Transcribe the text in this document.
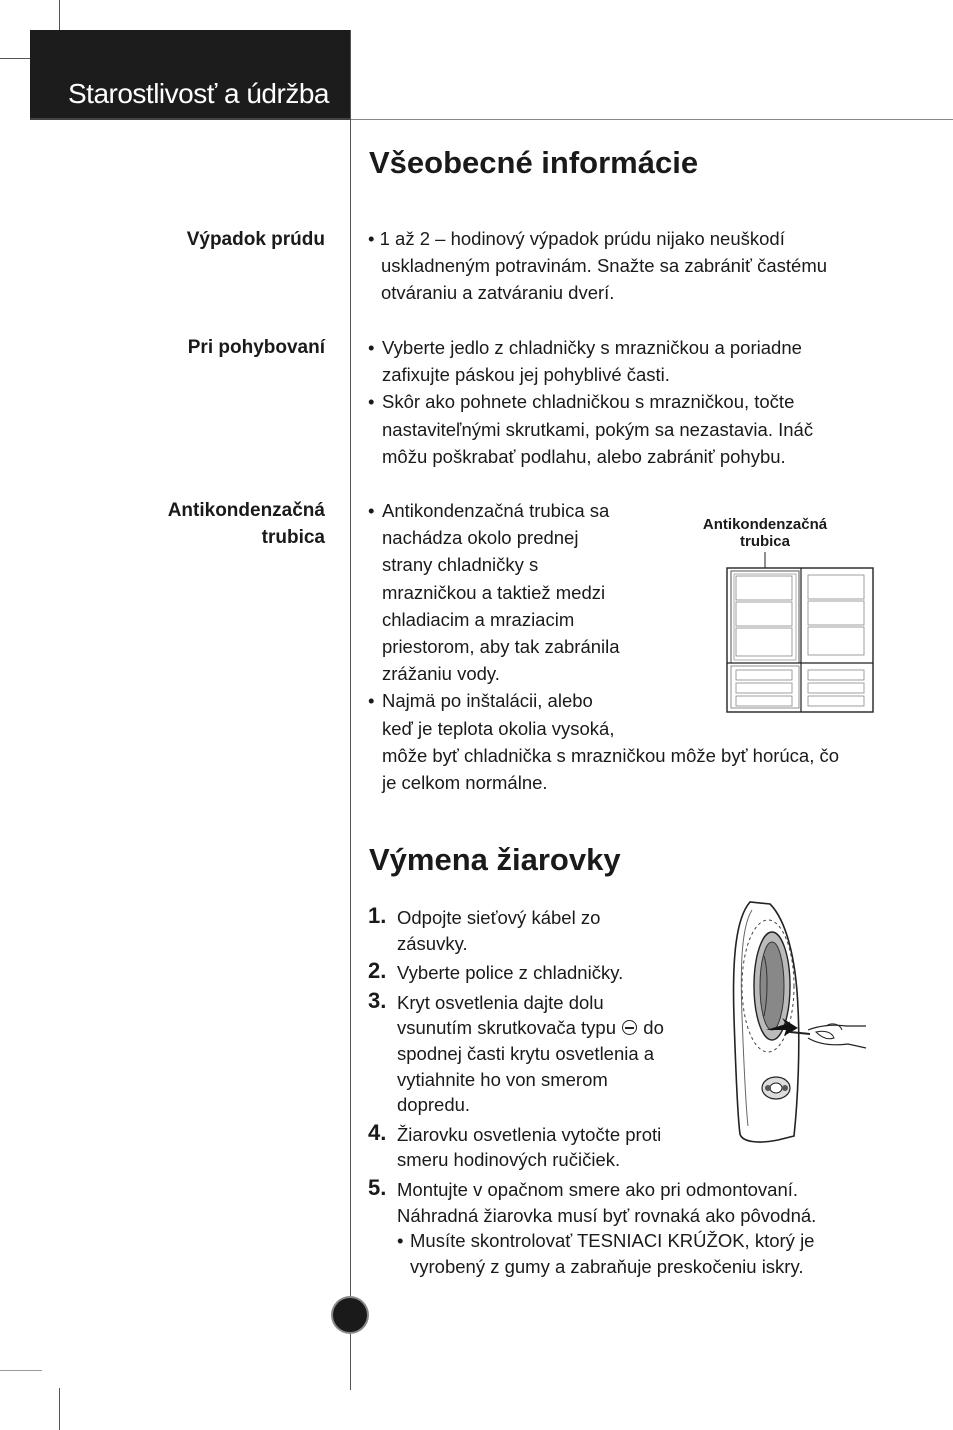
Starostlivosť a údržba
Všeobecné informácie
Výpadok prúdu • 1 až 2 – hodinový výpadok prúdu nijako neuškodí
uskladneným potravinám. Snažte sa zabrániť častému
otváraniu a zatváraniu dverí.
Pri pohybovaní
•	Vyberte jedlo z chladničky s mrazničkou a poriadne
zafixujte páskou jej pohyblivé časti.
• Skôr ako pohnete chladničkou s mrazničkou, točte
nastaviteľnými skrutkami, pokým sa nezastavia. Ináč
môžu poškrabať podlahu, alebo zabrániť pohybu.
Antikondenzačná
trubica
• Antikondenzačná trubica sa
nachádza okolo prednej
strany chladničky s
mrazničkou a taktiež medzi
chladiacim a mraziacim
priestorom, aby tak zabránila
zrážaniu vody.
• Najmä po inštalácii, alebo
keď je teplota okolia vysoká,
môže byť chladnička s mrazničkou môže byť horúca, čo
je celkom normálne.
Antikondenzačná
trubica
Výmena žiarovky
1. Odpojte sieťový kábel zo
zásuvky.
2. Vyberte police z chladničky.
3. Kryt osvetlenia dajte dolu
vsunutím skrutkovača typu do
spodnej časti krytu osvetlenia a
vytiahnite ho von smerom
dopredu.
4. Žiarovku osvetlenia vytočte proti
smeru hodinových ručičiek.
5. Montujte v opačnom smere ako pri odmontovaní.
Náhradná žiarovka musí byť rovnaká ako pôvodná.
• Musíte skontrolovať TESNIACI KRÚŽOK, ktorý je
vyrobený z gumy a zabraňuje preskočeniu iskry.
